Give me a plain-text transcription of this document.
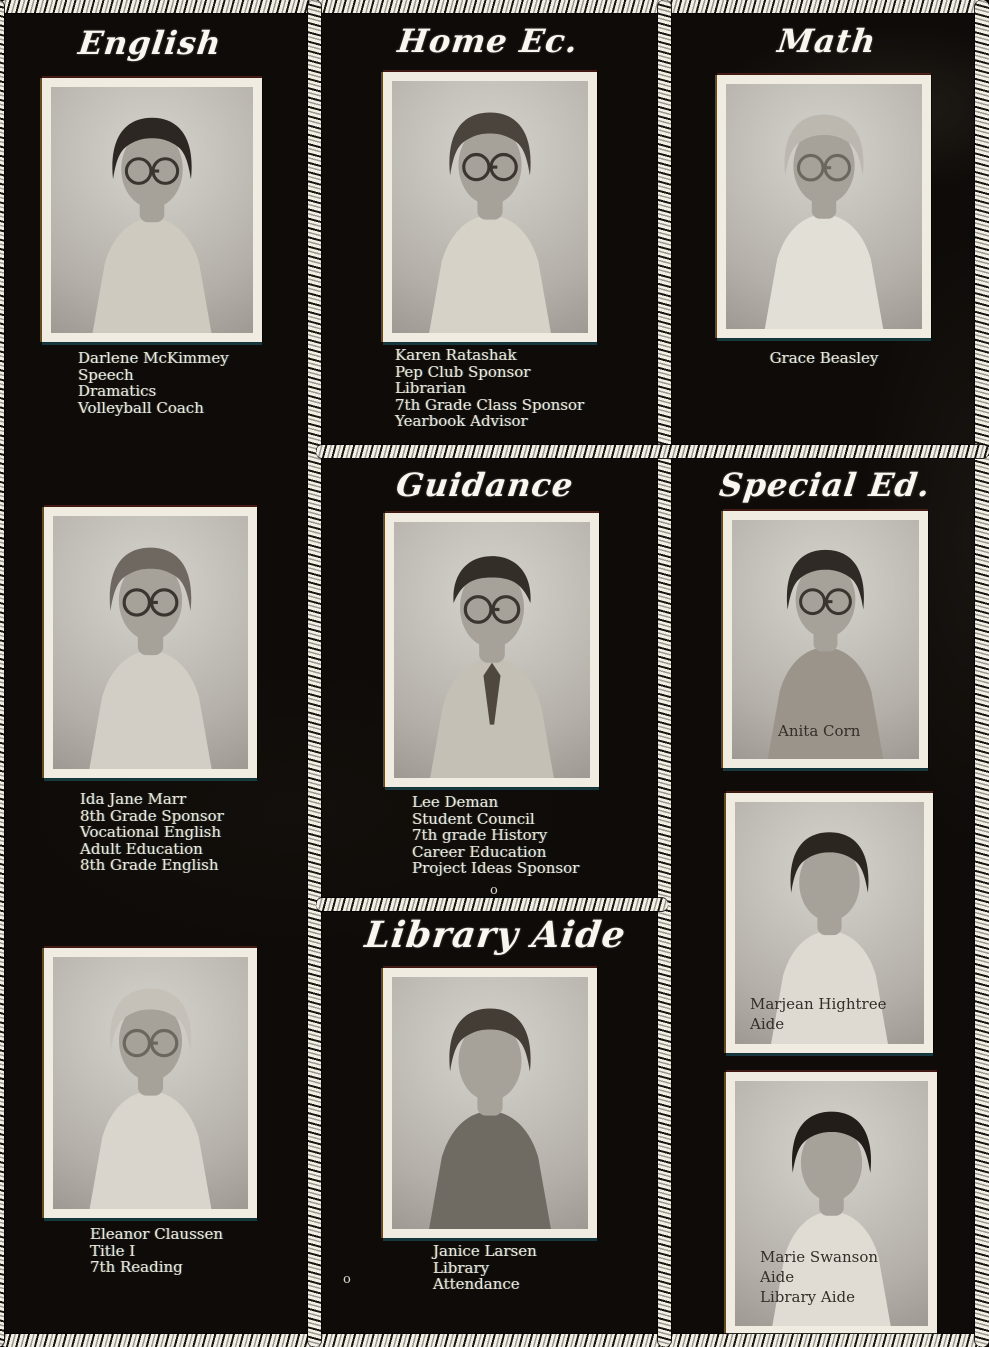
English	Home Ec.	Math
Guidance	Special Ed.
Library Aide
Darlene McKimmey
Speech
Dramatics
Volleyball Coach
Ida Jane Marr
8th Grade Sponsor
Vocational English
Adult Education
8th Grade English
Eleanor Claussen
Title I
7th Reading
Karen Ratashak
Pep Club Sponsor
Librarian
7th Grade Class Sponsor
Yearbook Advisor
Lee Deman
Student Council
7th grade History
Career Education
Project Ideas Sponsor
o
Janice Larsen
Library
Attendance
o
Grace Beasley
Anita Corn
Marjean Hightree
Aide
Marie Swanson
Aide
Library Aide
